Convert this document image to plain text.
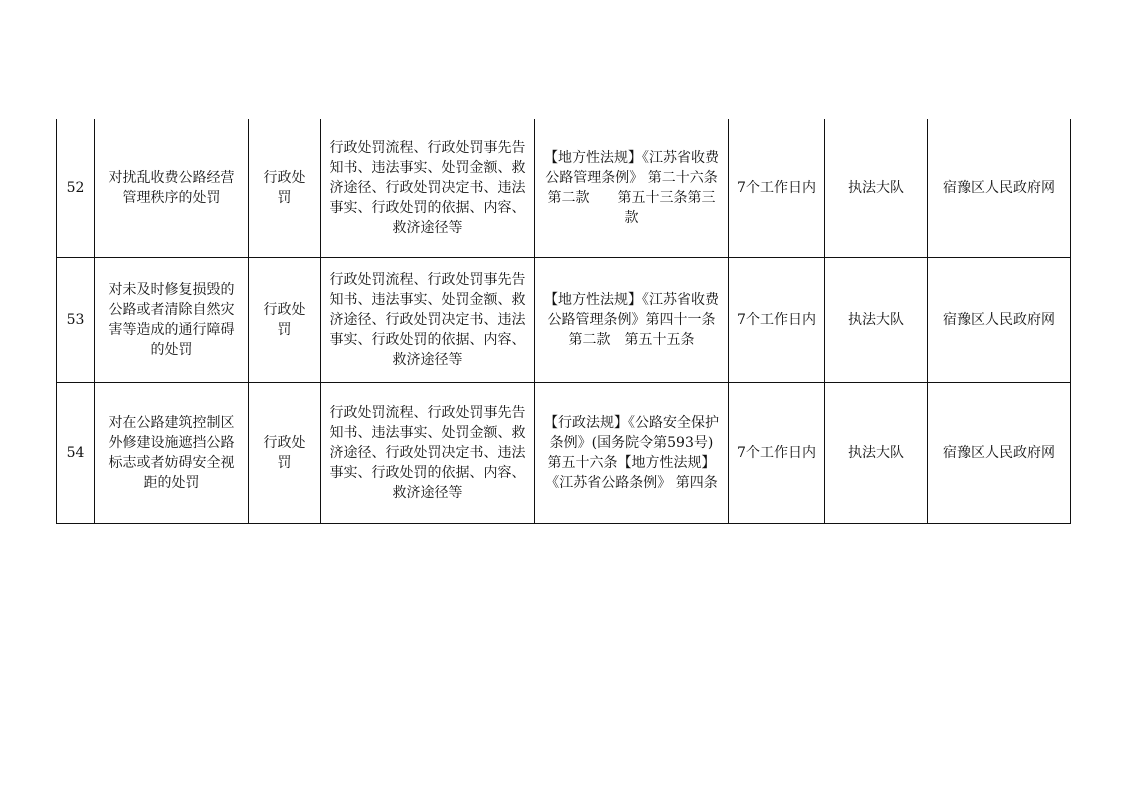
52	对扰乱收费公路经营管理秩序的处罚	行政处罚	行政处罚流程、行政处罚事先告知书、违法事实、处罚金额、救济途径、行政处罚决定书、违法事实、行政处罚的依据、内容、救济途径等	【地方性法规】《江苏省收费公路管理条例》 第二十六条第二款　　第五十三条第三款	7个工作日内	执法大队	宿豫区人民政府网
53	对未及时修复损毁的公路或者清除自然灾害等造成的通行障碍的处罚	行政处罚	行政处罚流程、行政处罚事先告知书、违法事实、处罚金额、救济途径、行政处罚决定书、违法事实、行政处罚的依据、内容、救济途径等	【地方性法规】《江苏省收费公路管理条例》第四十一条第二款　第五十五条	7个工作日内	执法大队	宿豫区人民政府网
54	对在公路建筑控制区外修建设施遮挡公路标志或者妨碍安全视距的处罚	行政处罚	行政处罚流程、行政处罚事先告知书、违法事实、处罚金额、救济途径、行政处罚决定书、违法事实、行政处罚的依据、内容、救济途径等	【行政法规】《公路安全保护条例》(国务院令第593号)第五十六条【地方性法规】《江苏省公路条例》 第四条	7个工作日内	执法大队	宿豫区人民政府网
